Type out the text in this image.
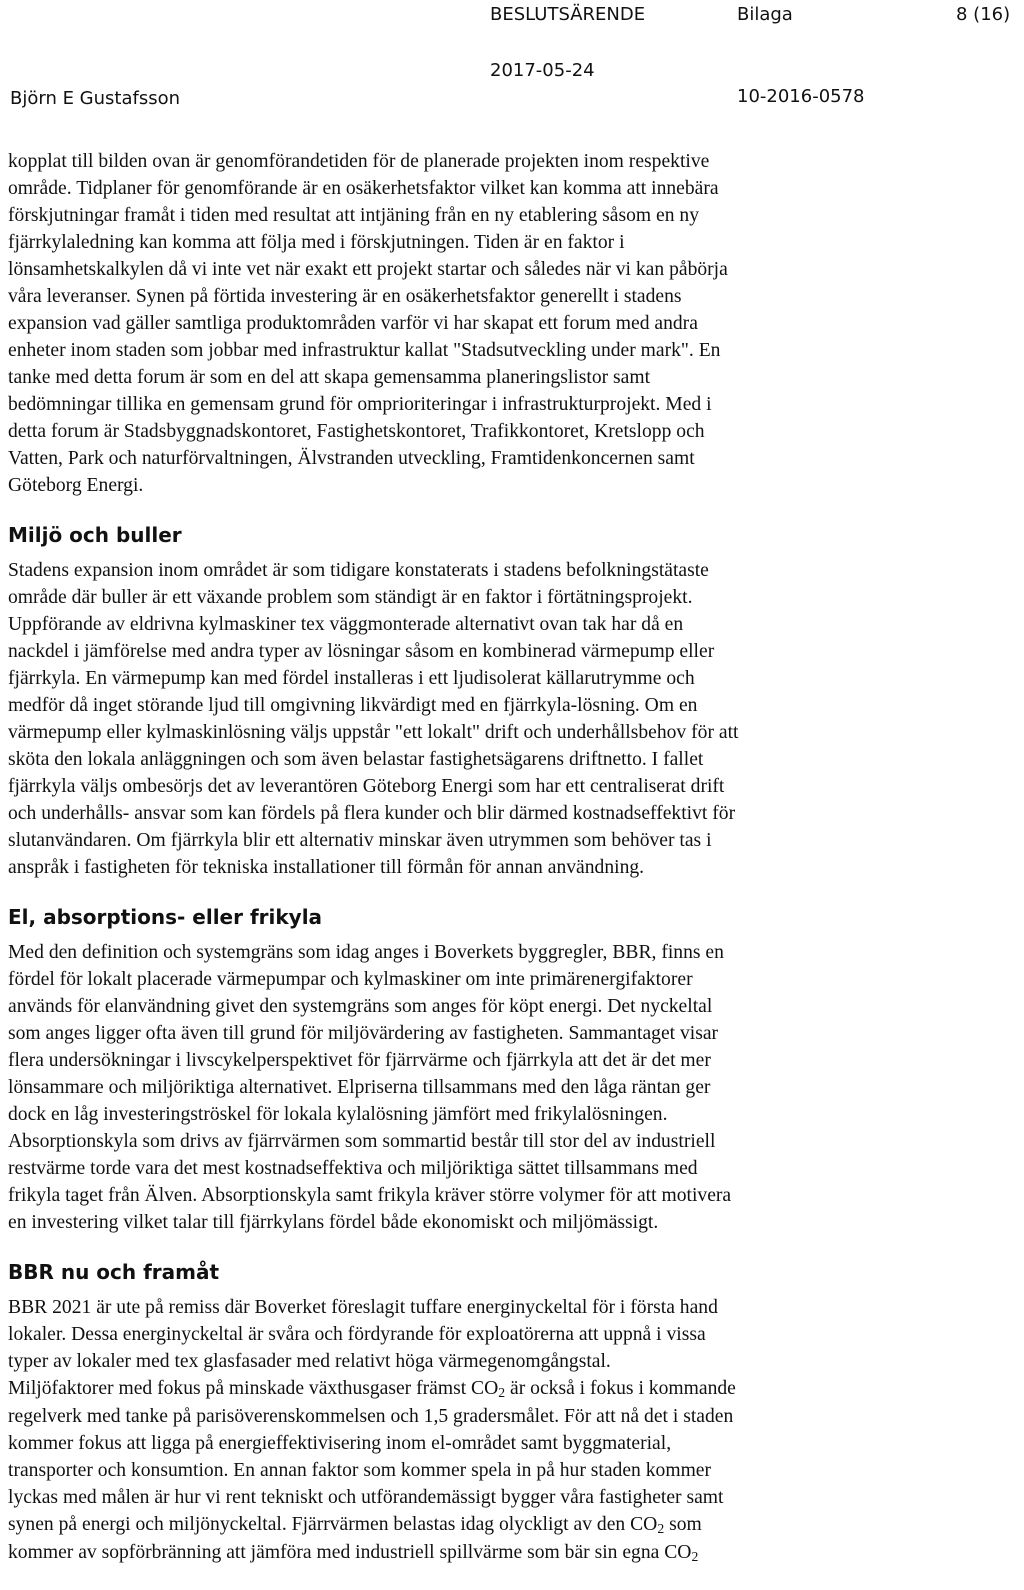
BESLUTSÄRENDE	Bilaga	8 (16)
2017-05-24
Björn E Gustafsson	10-2016-0578
kopplat till bilden ovan är genomförandetiden för de planerade projekten inom respektive
område. Tidplaner för genomförande är en osäkerhetsfaktor vilket kan komma att innebära
förskjutningar framåt i tiden med resultat att intjäning från en ny etablering såsom en ny
fjärrkylaledning kan komma att följa med i förskjutningen. Tiden är en faktor i
lönsamhetskalkylen då vi inte vet när exakt ett projekt startar och således när vi kan påbörja
våra leveranser. Synen på förtida investering är en osäkerhetsfaktor generellt i stadens
expansion vad gäller samtliga produktområden varför vi har skapat ett forum med andra
enheter inom staden som jobbar med infrastruktur kallat "Stadsutveckling under mark". En
tanke med detta forum är som en del att skapa gemensamma planeringslistor samt
bedömningar tillika en gemensam grund för omprioriteringar i infrastrukturprojekt. Med i
detta forum är Stadsbyggnadskontoret, Fastighetskontoret, Trafikkontoret, Kretslopp och
Vatten, Park och naturförvaltningen, Älvstranden utveckling, Framtidenkoncernen samt
Göteborg Energi.
Miljö och buller
Stadens expansion inom området är som tidigare konstaterats i stadens befolkningstätaste
område där buller är ett växande problem som ständigt är en faktor i förtätningsprojekt.
Uppförande av eldrivna kylmaskiner tex väggmonterade alternativt ovan tak har då en
nackdel i jämförelse med andra typer av lösningar såsom en kombinerad värmepump eller
fjärrkyla. En värmepump kan med fördel installeras i ett ljudisolerat källarutrymme och
medför då inget störande ljud till omgivning likvärdigt med en fjärrkyla-lösning. Om en
värmepump eller kylmaskinlösning väljs uppstår "ett lokalt" drift och underhållsbehov för att
sköta den lokala anläggningen och som även belastar fastighetsägarens driftnetto. I fallet
fjärrkyla väljs ombesörjs det av leverantören Göteborg Energi som har ett centraliserat drift
och underhålls- ansvar som kan fördels på flera kunder och blir därmed kostnadseffektivt för
slutanvändaren. Om fjärrkyla blir ett alternativ minskar även utrymmen som behöver tas i
anspråk i fastigheten för tekniska installationer till förmån för annan användning.
El, absorptions- eller frikyla
Med den definition och systemgräns som idag anges i Boverkets byggregler, BBR, finns en
fördel för lokalt placerade värmepumpar och kylmaskiner om inte primärenergifaktorer
används för elanvändning givet den systemgräns som anges för köpt energi. Det nyckeltal
som anges ligger ofta även till grund för miljövärdering av fastigheten. Sammantaget visar
flera undersökningar i livscykelperspektivet för fjärrvärme och fjärrkyla att det är det mer
lönsammare och miljöriktiga alternativet. Elpriserna tillsammans med den låga räntan ger
dock en låg investeringströskel för lokala kylalösning jämfört med frikylalösningen.
Absorptionskyla som drivs av fjärrvärmen som sommartid består till stor del av industriell
restvärme torde vara det mest kostnadseffektiva och miljöriktiga sättet tillsammans med
frikyla taget från Älven. Absorptionskyla samt frikyla kräver större volymer för att motivera
en investering vilket talar till fjärrkylans fördel både ekonomiskt och miljömässigt.
BBR nu och framåt
BBR 2021 är ute på remiss där Boverket föreslagit tuffare energinyckeltal för i första hand
lokaler. Dessa energinyckeltal är svåra och fördyrande för exploatörerna att uppnå i vissa
typer av lokaler med tex glasfasader med relativt höga värmegenomgångstal.
Miljöfaktorer med fokus på minskade växthusgaser främst $CO_2$ är också i fokus i kommande
regelverk med tanke på parisöverenskommelsen och 1,5 gradersmålet. För att nå det i staden
kommer fokus att ligga på energieffektivisering inom el-området samt byggmaterial,
transporter och konsumtion. En annan faktor som kommer spela in på hur staden kommer
lyckas med målen är hur vi rent tekniskt och utförandemässigt bygger våra fastigheter samt
synen på energi och miljönyckeltal. Fjärrvärmen belastas idag olyckligt av den $CO_2$ som
kommer av sopförbränning att jämföra med industriell spillvärme som bär sin egna $CO_2$
